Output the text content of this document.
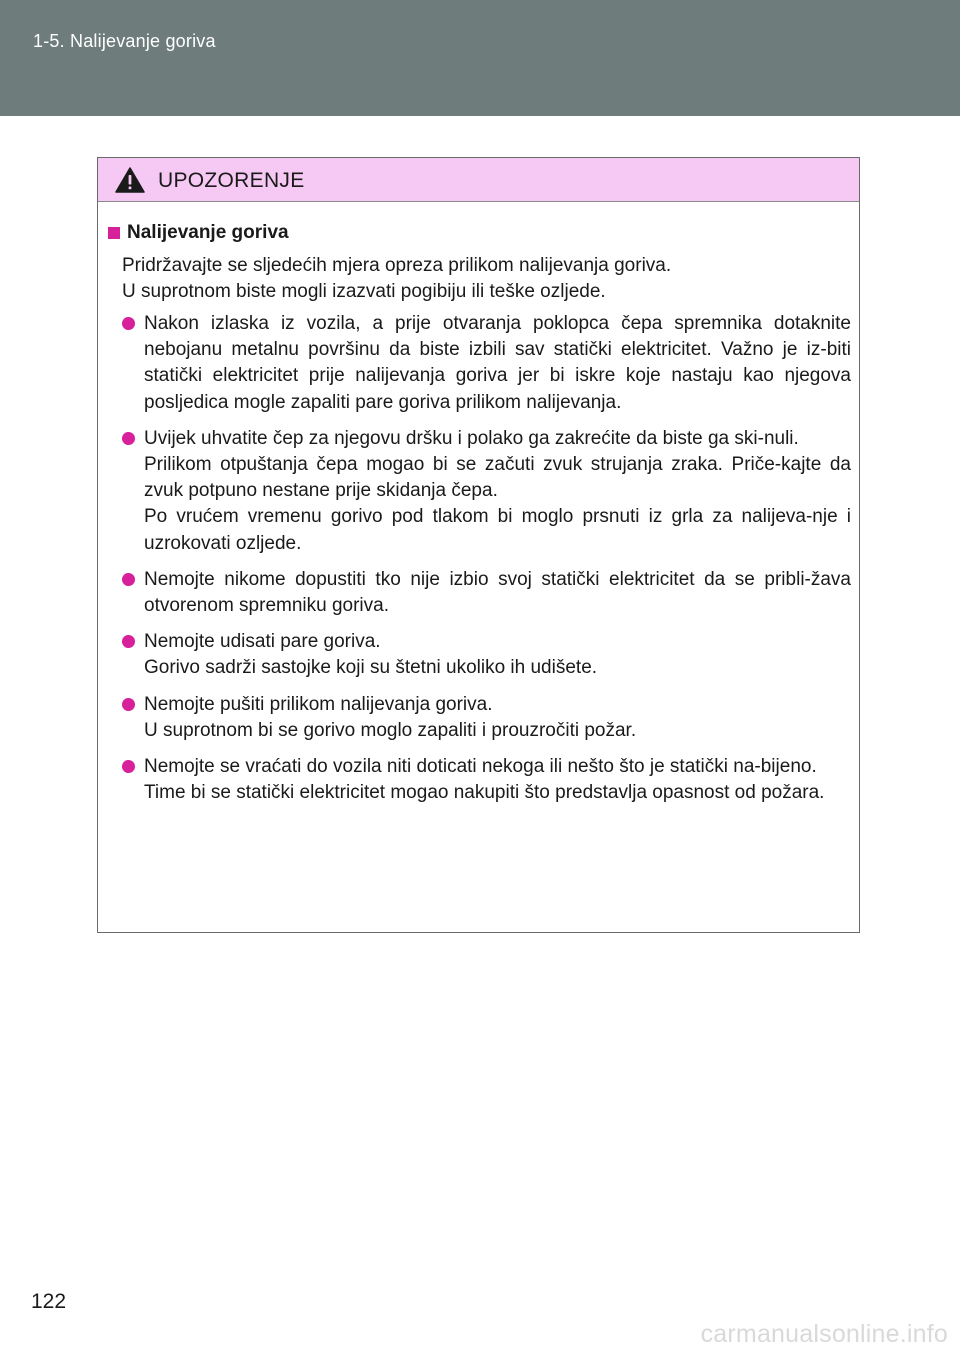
1-5. Nalijevanje goriva
UPOZORENJE
Nalijevanje goriva

Pridržavajte se sljedećih mjera opreza prilikom nalijevanja goriva.

U suprotnom biste mogli izazvati pogibiju ili teške ozljede.

Nakon izlaska iz vozila, a prije otvaranja poklopca čepa spremnika dotaknite nebojanu metalnu površinu da biste izbili sav statički elektricitet. Važno je iz-biti statički elektricitet prije nalijevanja goriva jer bi iskre koje nastaju kao njegova posljedica mogle zapaliti pare goriva prilikom nalijevanja.

Uvijek uhvatite čep za njegovu dršku i polako ga zakrećite da biste ga ski-nuli.

Prilikom otpuštanja čepa mogao bi se začuti zvuk strujanja zraka. Priče-kajte da zvuk potpuno nestane prije skidanja čepa.

Po vrućem vremenu gorivo pod tlakom bi moglo prsnuti iz grla za nalijeva-nje i uzrokovati ozljede.

Nemojte nikome dopustiti tko nije izbio svoj statički elektricitet da se pribli-žava otvorenom spremniku goriva.

Nemojte udisati pare goriva.

Gorivo sadrži sastojke koji su štetni ukoliko ih udišete.

Nemojte pušiti prilikom nalijevanja goriva.

U suprotnom bi se gorivo moglo zapaliti i prouzročiti požar.

Nemojte se vraćati do vozila niti doticati nekoga ili nešto što je statički na-bijeno.

Time bi se statički elektricitet mogao nakupiti što predstavlja opasnost od požara.

122
carmanualsonline.info
